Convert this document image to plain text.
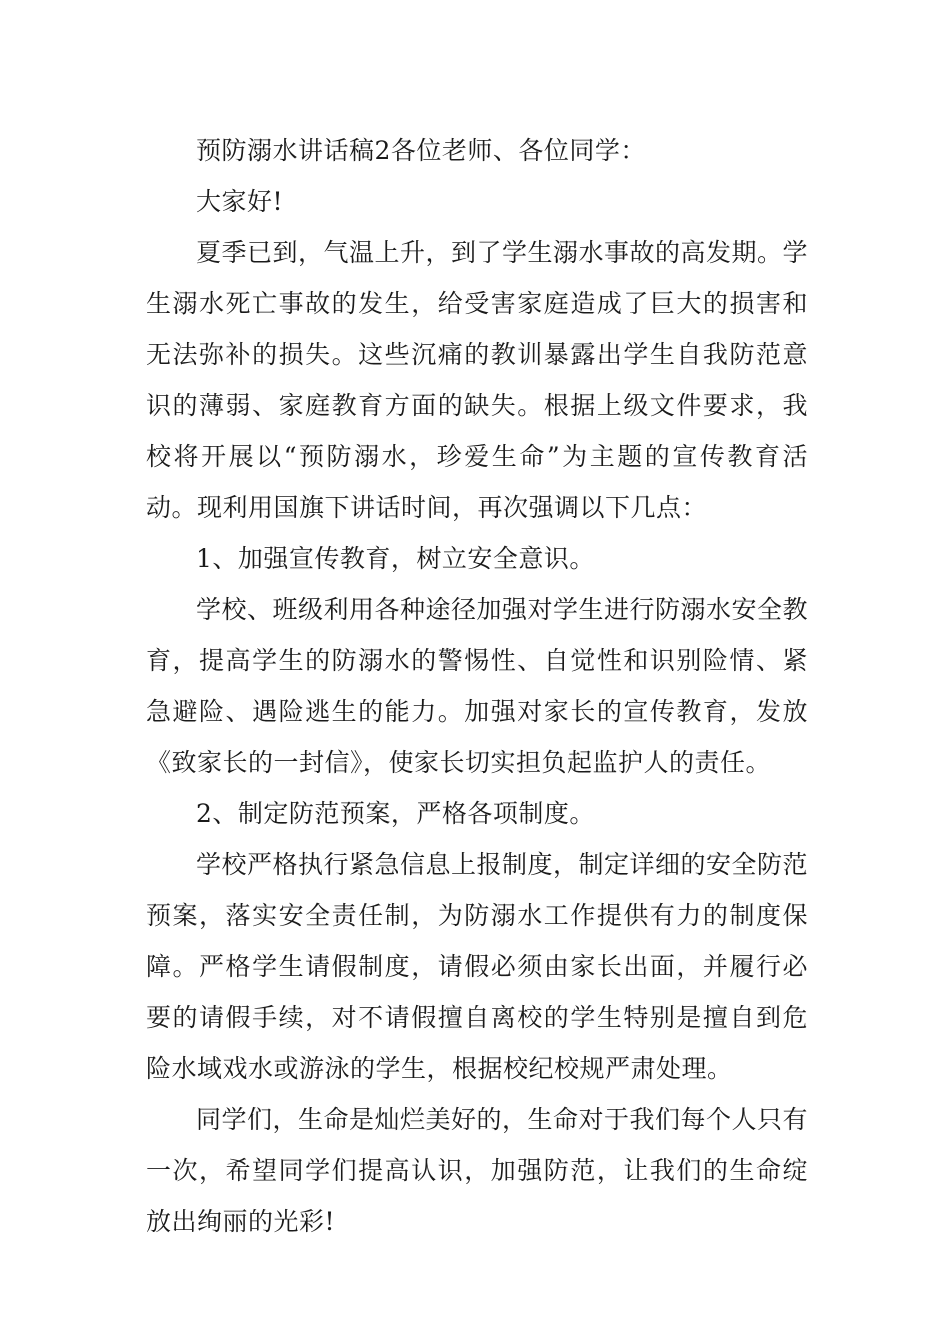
预防溺水讲话稿2各位老师、各位同学：

大家好!

夏季已到，气温上升，到了学生溺水事故的高发期。学生溺水死亡事故的发生，给受害家庭造成了巨大的损害和无法弥补的损失。这些沉痛的教训暴露出学生自我防范意识的薄弱、家庭教育方面的缺失。根据上级文件要求，我校将开展以“预防溺水，珍爱生命”为主题的宣传教育活动。现利用国旗下讲话时间，再次强调以下几点：

1、加强宣传教育，树立安全意识。

学校、班级利用各种途径加强对学生进行防溺水安全教育，提高学生的防溺水的警惕性、自觉性和识别险情、紧急避险、遇险逃生的能力。加强对家长的宣传教育，发放《致家长的一封信》，使家长切实担负起监护人的责任。

2、制定防范预案，严格各项制度。

学校严格执行紧急信息上报制度，制定详细的安全防范预案，落实安全责任制，为防溺水工作提供有力的制度保障。严格学生请假制度，请假必须由家长出面，并履行必要的请假手续，对不请假擅自离校的学生特别是擅自到危险水域戏水或游泳的学生，根据校纪校规严肃处理。

同学们，生命是灿烂美好的，生命对于我们每个人只有一次，希望同学们提高认识，加强防范，让我们的生命绽放出绚丽的光彩!
